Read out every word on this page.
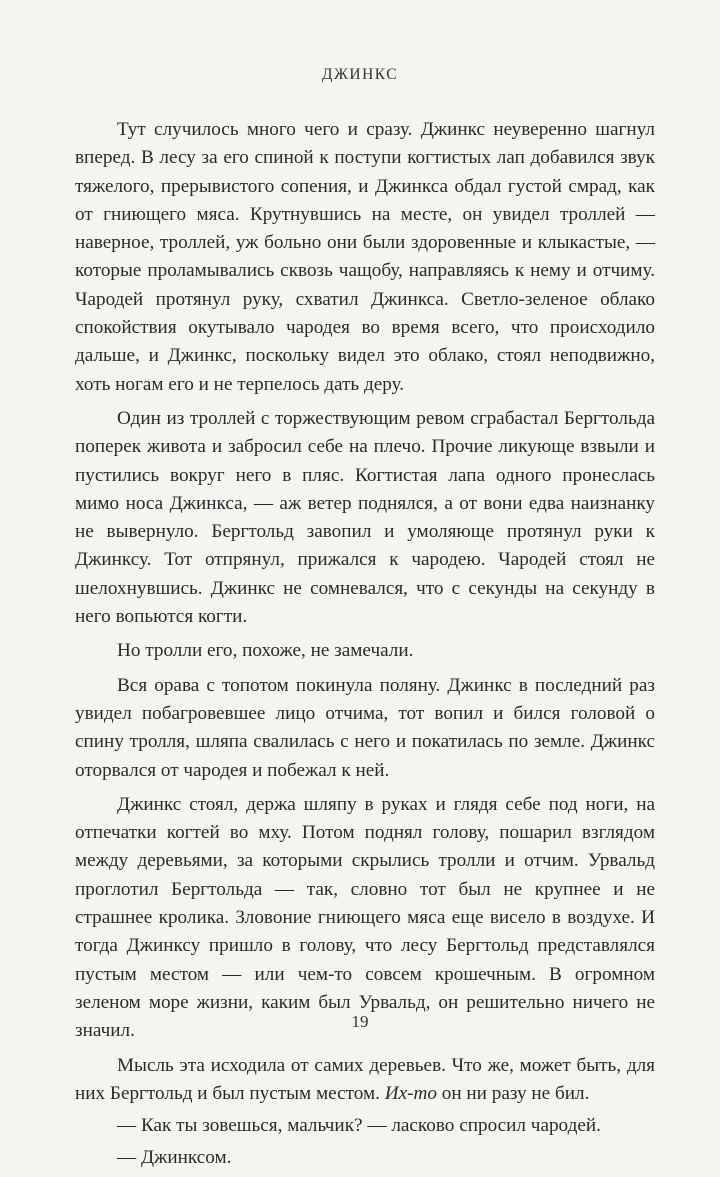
ДЖИНКС

Тут случилось много чего и сразу. Джинкс неуверенно шагнул вперед. В лесу за его спиной к поступи когтистых лап добавился звук тяжелого, прерывистого сопения, и Джинкса обдал густой смрад, как от гниющего мяса. Крутнувшись на месте, он увидел троллей — наверное, троллей, уж больно они были здоровенные и клыкастые, — которые проламывались сквозь чащобу, направляясь к нему и отчиму. Чародей протянул руку, схватил Джинкса. Светло-зеленое облако спокойствия окутывало чародея во время всего, что происходило дальше, и Джинкс, поскольку видел это облако, стоял неподвижно, хоть ногам его и не терпелось дать деру.

Один из троллей с торжествующим ревом сграбастал Бергтольда поперек живота и забросил себе на плечо. Прочие ликующе взвыли и пустились вокруг него в пляс. Когтистая лапа одного пронеслась мимо носа Джинкса, — аж ветер поднялся, а от вони едва наизнанку не вывернуло. Бергтольд завопил и умоляюще протянул руки к Джинксу. Тот отпрянул, прижался к чародею. Чародей стоял не шелохнувшись. Джинкс не сомневался, что с секунды на секунду в него вопьются когти.

Но тролли его, похоже, не замечали.

Вся орава с топотом покинула поляну. Джинкс в последний раз увидел побагровевшее лицо отчима, тот вопил и бился головой о спину тролля, шляпа свалилась с него и покатилась по земле. Джинкс оторвался от чародея и побежал к ней.

Джинкс стоял, держа шляпу в руках и глядя себе под ноги, на отпечатки когтей во мху. Потом поднял голову, пошарил взглядом между деревьями, за которыми скрылись тролли и отчим. Урвальд проглотил Бергтольда — так, словно тот был не крупнее и не страшнее кролика. Зловоние гниющего мяса еще висело в воздухе. И тогда Джинксу пришло в голову, что лесу Бергтольд представлялся пустым местом — или чем-то совсем крошечным. В огромном зеленом море жизни, каким был Урвальд, он решительно ничего не значил.

Мысль эта исходила от самих деревьев. Что же, может быть, для них Бергтольд и был пустым местом. Их-то он ни разу не бил.

— Как ты зовешься, мальчик? — ласково спросил чародей.

— Джинксом.

19
